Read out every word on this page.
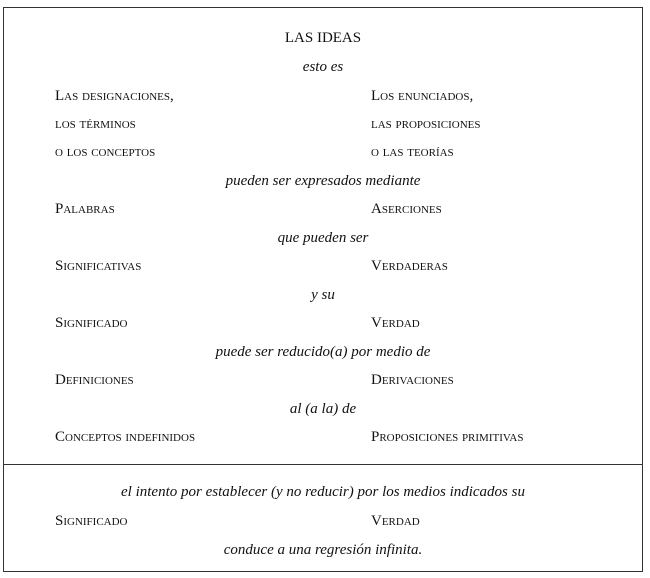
LAS IDEAS
esto es
Las designaciones,	Los enunciados,
los términos	las proposiciones
o los conceptos	o las teorías
pueden ser expresados mediante
Palabras	Aserciones
que pueden ser
Significativas	Verdaderas
y su
Significado	Verdad
puede ser reducido(a) por medio de
Definiciones	Derivaciones
al (a la) de
Conceptos indefinidos	Proposiciones primitivas
el intento por establecer (y no reducir) por los medios indicados su
Significado	Verdad
conduce a una regresión infinita.
